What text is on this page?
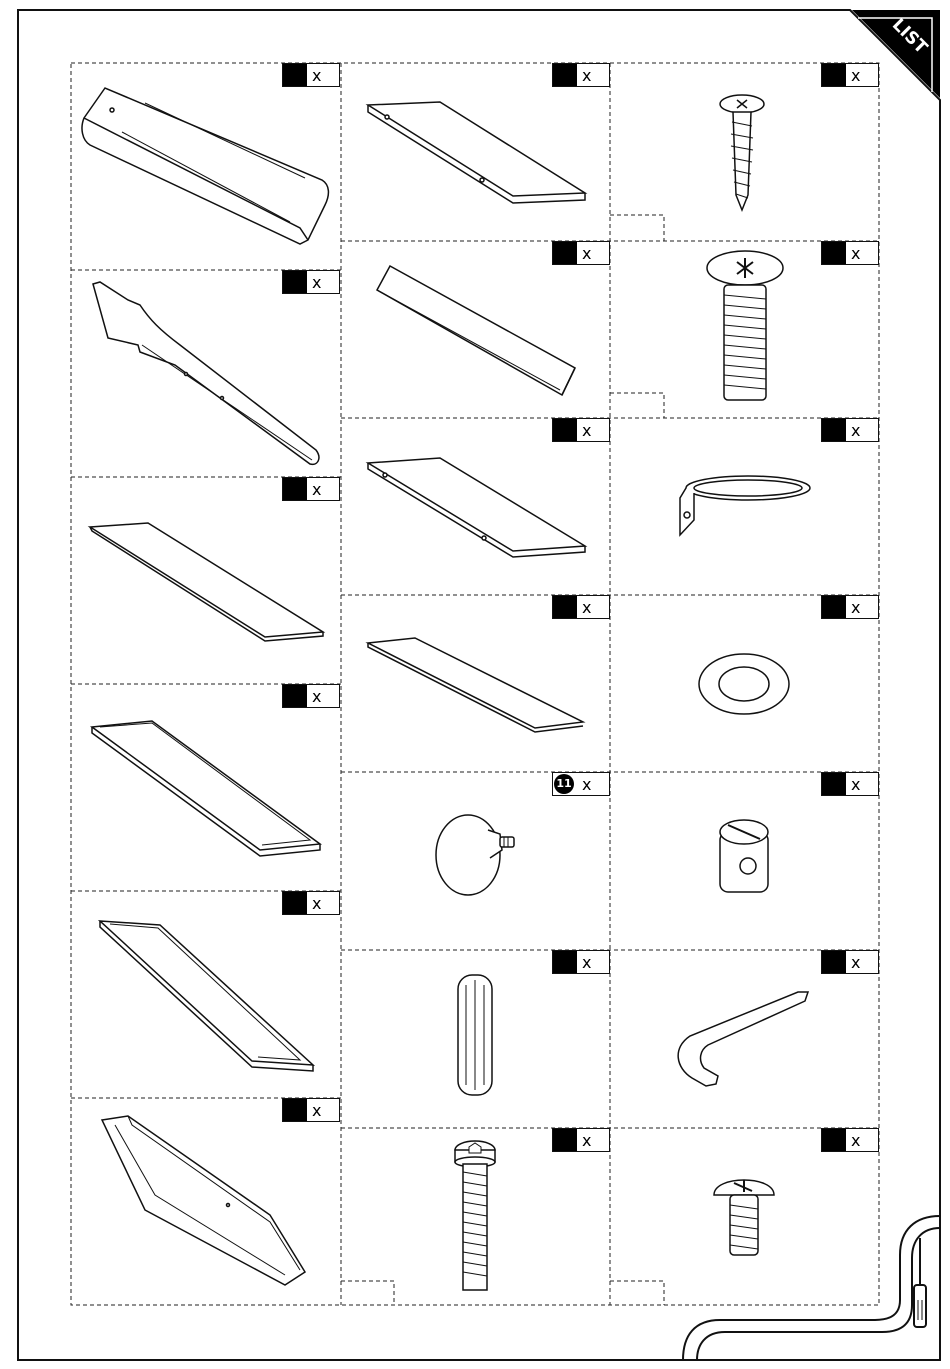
LIST
x
x
x
x
x
x
x
x
x
x
11 x
x
x
x
x
x
x
x
x
x
